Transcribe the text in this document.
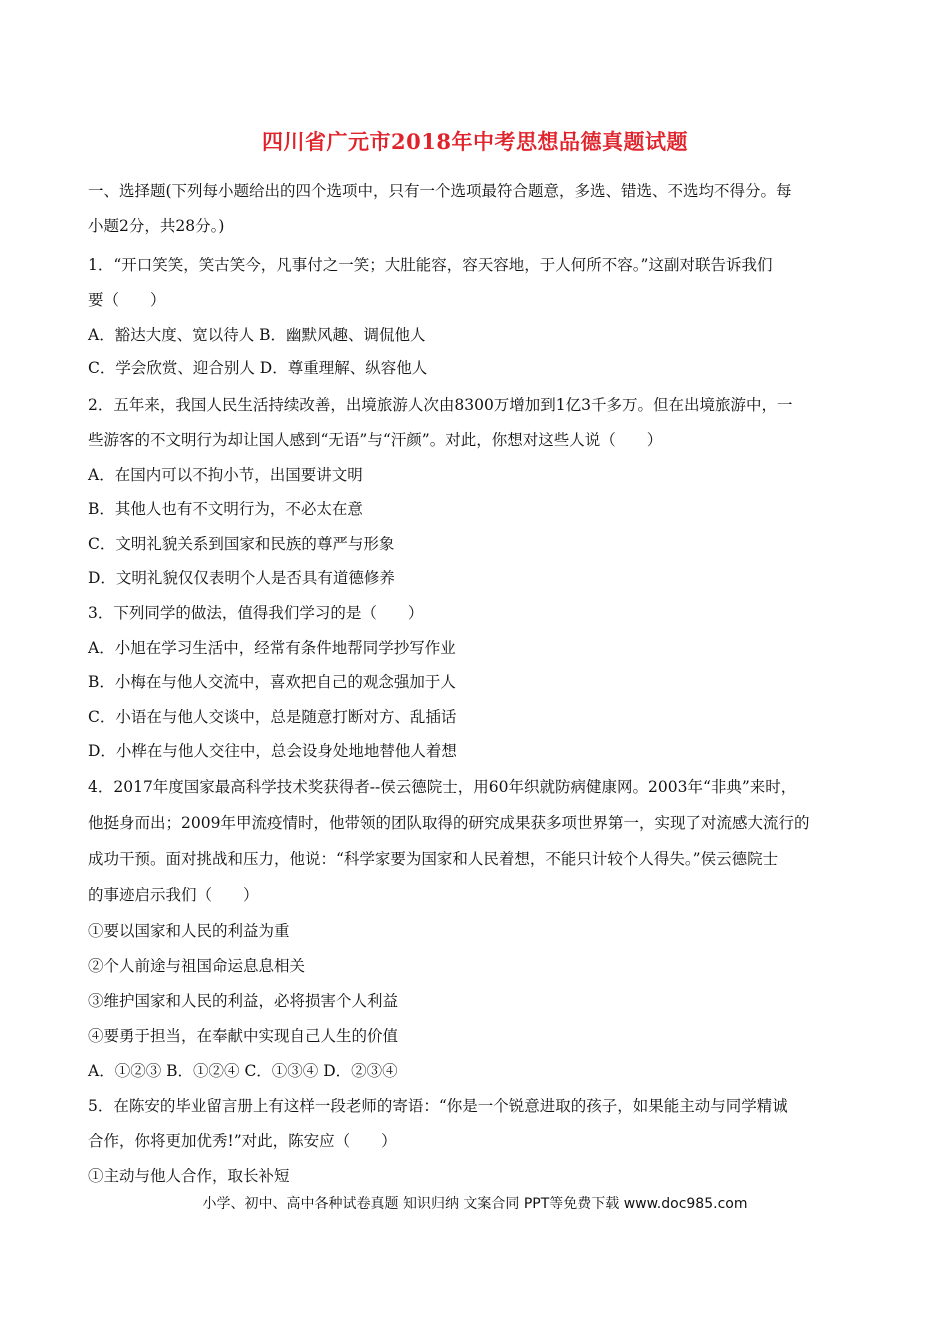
四川省广元市2018年中考思想品德真题试题
一、选择题(下列每小题给出的四个选项中，只有一个选项最符合题意，多选、错选、不选均不得分。每
小题2分，共28分。)
1．“开口笑笑，笑古笑今，凡事付之一笑；大肚能容，容天容地，于人何所不容。”这副对联告诉我们
要（　　）
A．豁达大度、宽以待人 B．幽默风趣、调侃他人
C．学会欣赏、迎合别人 D．尊重理解、纵容他人
2．五年来，我国人民生活持续改善，出境旅游人次由8300万增加到1亿3千多万。但在出境旅游中，一
些游客的不文明行为却让国人感到“无语”与“汗颜”。对此，你想对这些人说（　　）
A．在国内可以不拘小节，出国要讲文明
B．其他人也有不文明行为，不必太在意
C．文明礼貌关系到国家和民族的尊严与形象
D．文明礼貌仅仅表明个人是否具有道德修养
3．下列同学的做法，值得我们学习的是（　　）
A．小旭在学习生活中，经常有条件地帮同学抄写作业
B．小梅在与他人交流中，喜欢把自己的观念强加于人
C．小语在与他人交谈中，总是随意打断对方、乱插话
D．小桦在与他人交往中，总会设身处地地替他人着想
4．2017年度国家最高科学技术奖获得者--侯云德院士，用60年织就防病健康网。2003年“非典”来时，
他挺身而出；2009年甲流疫情时，他带领的团队取得的研究成果获多项世界第一，实现了对流感大流行的
成功干预。面对挑战和压力，他说：“科学家要为国家和人民着想，不能只计较个人得失。”侯云德院士
的事迹启示我们（　　）
①要以国家和人民的利益为重
②个人前途与祖国命运息息相关
③维护国家和人民的利益，必将损害个人利益
④要勇于担当，在奉献中实现自己人生的价值
A．①②③ B．①②④ C．①③④ D．②③④
5．在陈安的毕业留言册上有这样一段老师的寄语：“你是一个锐意进取的孩子，如果能主动与同学精诚
合作，你将更加优秀!”对此，陈安应（　　）
①主动与他人合作，取长补短
小学、初中、高中各种试卷真题 知识归纳 文案合同 PPT等免费下载 www.doc985.com
